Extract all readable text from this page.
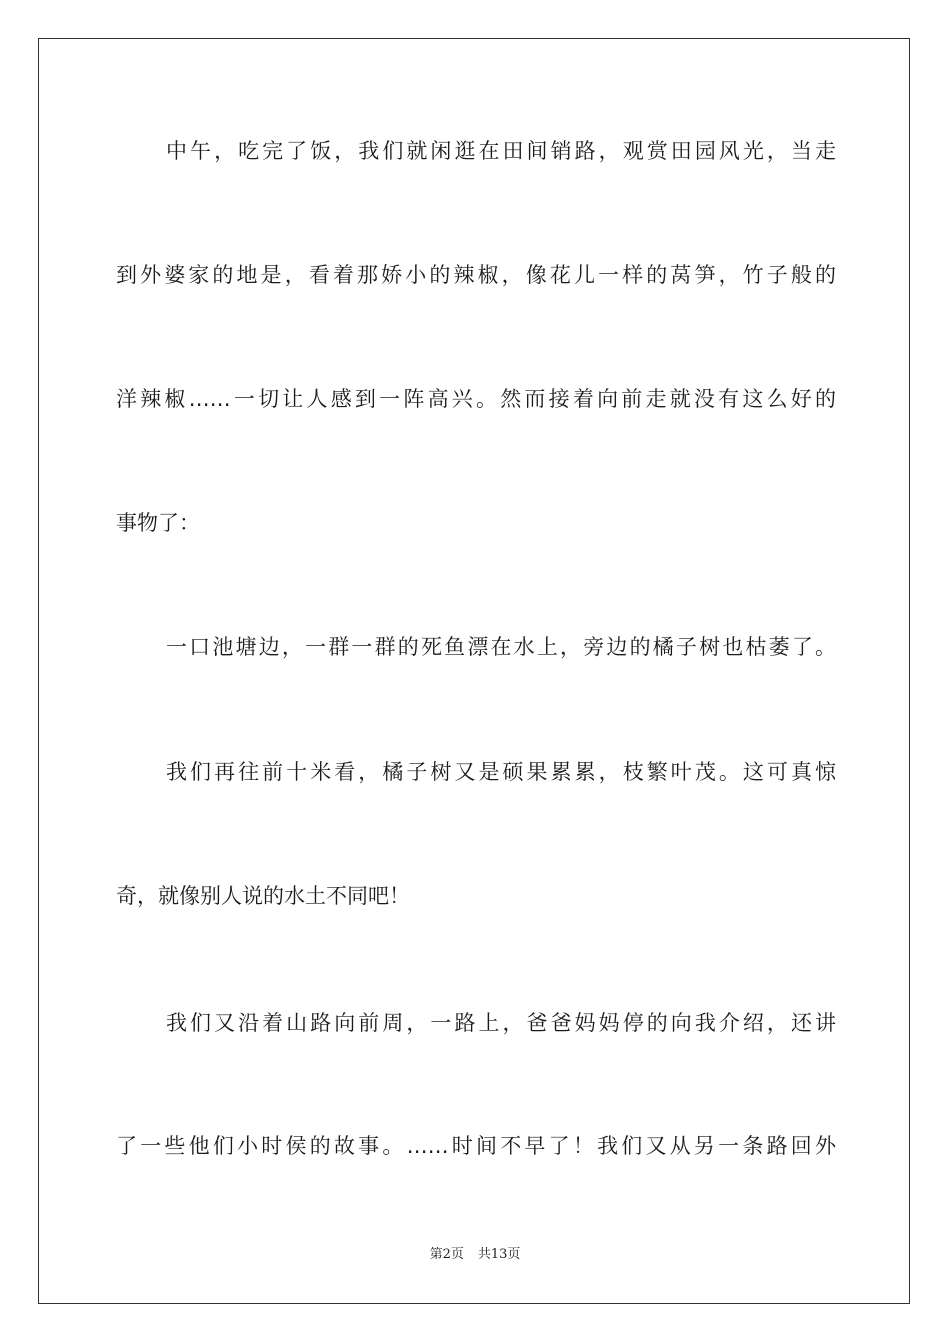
中午，吃完了饭，我们就闲逛在田间销路，观赏田园风光，当走
到外婆家的地是，看着那娇小的辣椒，像花儿一样的莴笋，竹子般的
洋辣椒……一切让人感到一阵高兴。然而接着向前走就没有这么好的
事物了：
一口池塘边，一群一群的死鱼漂在水上，旁边的橘子树也枯萎了。
我们再往前十米看，橘子树又是硕果累累，枝繁叶茂。这可真惊
奇，就像别人说的水土不同吧！
我们又沿着山路向前周，一路上，爸爸妈妈停的向我介绍，还讲
了一些他们小时侯的故事。……时间不早了！我们又从另一条路回外
第2页 共13页
